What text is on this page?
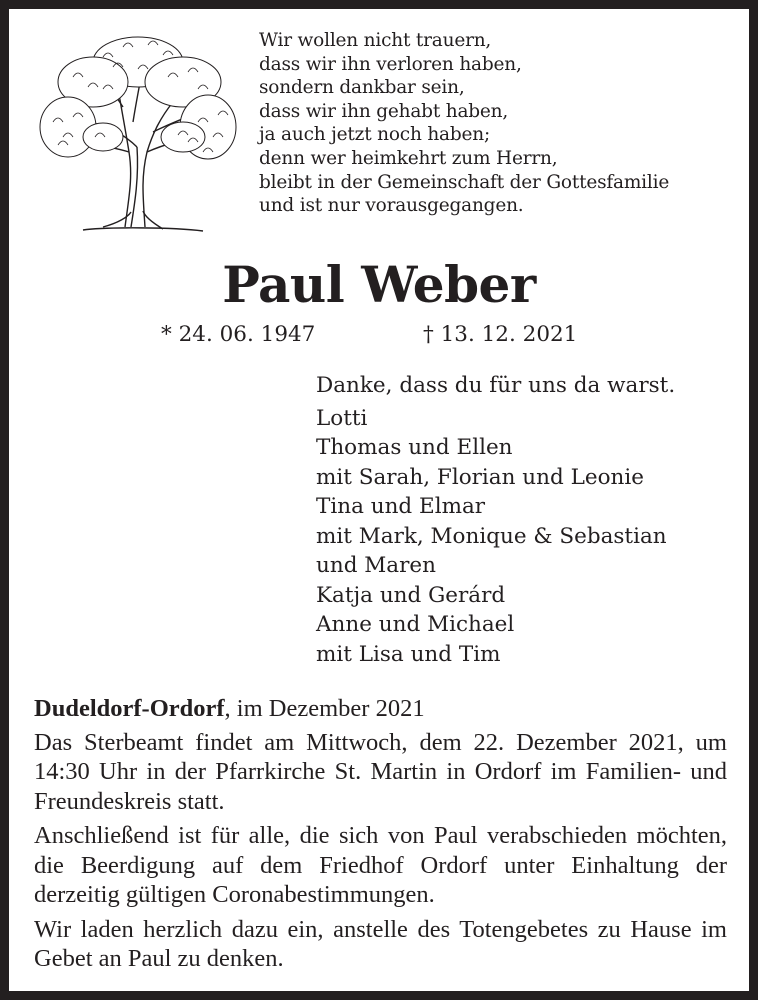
Wir wollen nicht trauern,
dass wir ihn verloren haben,
sondern dankbar sein,
dass wir ihn gehabt haben,
ja auch jetzt noch haben;
denn wer heimkehrt zum Herrn,
bleibt in der Gemeinschaft der Gottesfamilie
und ist nur vorausgegangen.
Paul Weber
* 24. 06. 1947	† 13. 12. 2021
Danke, dass du für uns da warst.
Lotti
Thomas und Ellen
mit Sarah, Florian und Leonie
Tina und Elmar
mit Mark, Monique & Sebastian
und Maren
Katja und Gerárd
Anne und Michael
mit Lisa und Tim

Dudeldorf-Ordorf, im Dezember 2021

Das Sterbeamt findet am Mittwoch, dem 22. Dezember 2021, um 14:30 Uhr in der Pfarrkirche St. Martin in Ordorf im Familien- und Freundeskreis statt.

Anschließend ist für alle, die sich von Paul verabschieden möchten, die Beerdigung auf dem Friedhof Ordorf unter Einhaltung der derzeitig gültigen Coronabestimmungen.

Wir laden herzlich dazu ein, anstelle des Totengebetes zu Hause im Gebet an Paul zu denken.
